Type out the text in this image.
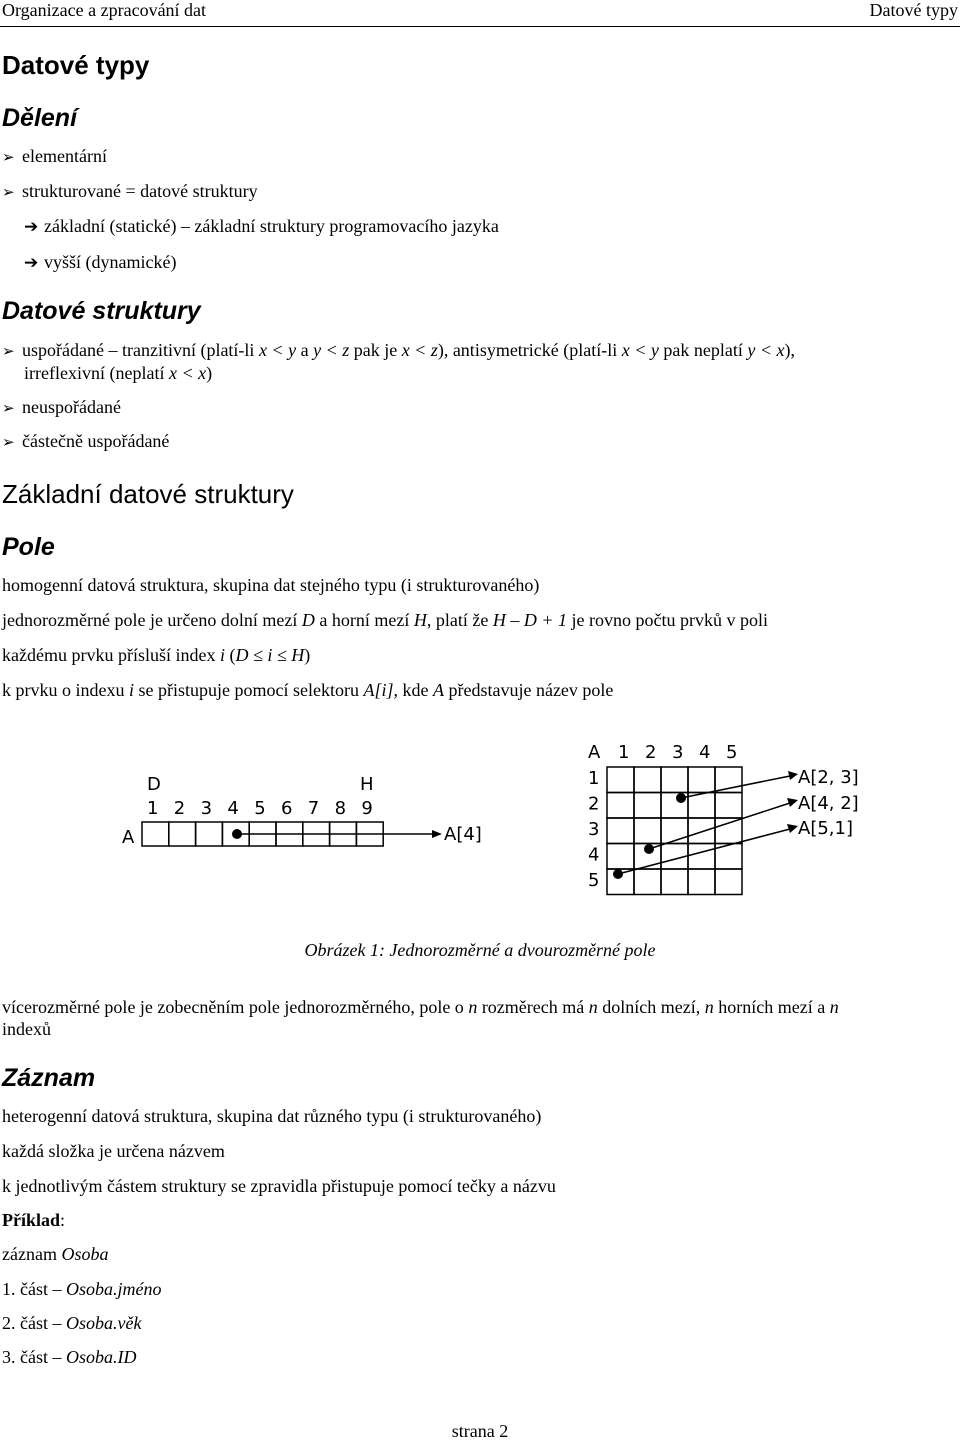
Organizace a zpracování dat	Datové typy
Datové typy
Dělení
➢ elementární
➢ strukturované = datové struktury
➔ základní (statické) – základní struktury programovacího jazyka
➔ vyšší (dynamické)
Datové struktury
➢ uspořádané – tranzitivní (platí-li x < y a y < z pak je x < z), antisymetrické (platí-li x < y pak neplatí y < x),
irreflexivní (neplatí x < x)
➢ neuspořádané
➢ částečně uspořádané
Základní datové struktury
Pole
homogenní datová struktura, skupina dat stejného typu (i strukturovaného)
jednorozměrné pole je určeno dolní mezí D a horní mezí H, platí že H – D + 1 je rovno počtu prvků v poli
každému prvku přísluší index i (D ≤ i ≤ H)
k prvku o indexu i se přistupuje pomocí selektoru A[i], kde A představuje název pole
D	H
1 2 3 4 5 6 7 8 9
A	A[4]
A 1 2 3 4 5
1
2
3
4
5
A[2, 3]
A[4, 2]
A[5,1]
Obrázek 1: Jednorozměrné a dvourozměrné pole
vícerozměrné pole je zobecněním pole jednorozměrného, pole o n rozměrech má n dolních mezí, n horních mezí a n
indexů
Záznam
heterogenní datová struktura, skupina dat různého typu (i strukturovaného)
každá složka je určena názvem
k jednotlivým částem struktury se zpravidla přistupuje pomocí tečky a názvu
Příklad:
záznam Osoba
1. část – Osoba.jméno
2. část – Osoba.věk
3. část – Osoba.ID
strana 2
